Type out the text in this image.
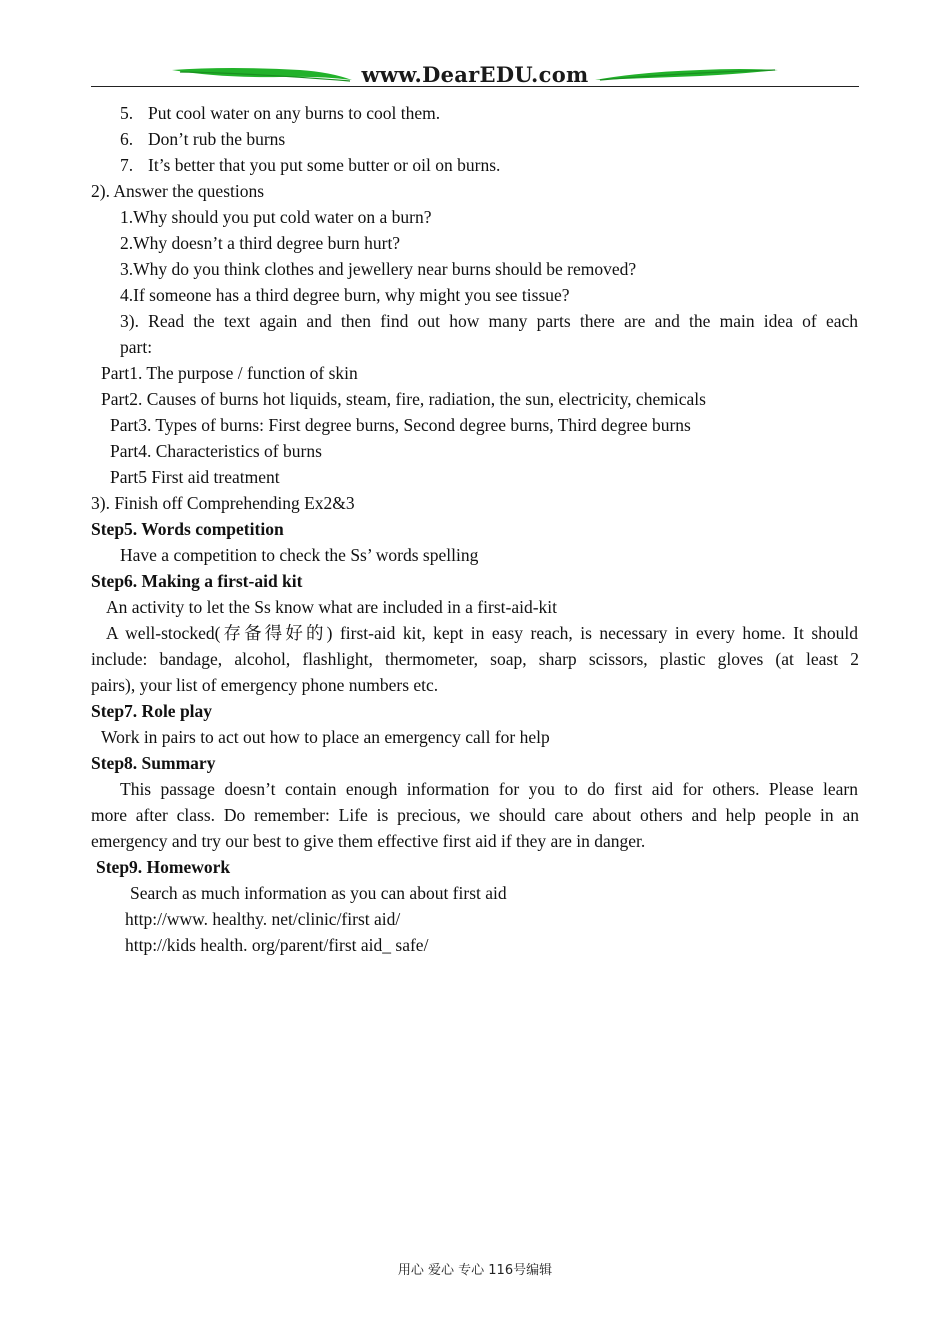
www.DearEDU.com
5. Put cool water on any burns to cool them.
6. Don’t rub the burns
7. It’s better that you put some butter or oil on burns.
2). Answer the questions
1.Why should you put cold water on a burn?
2.Why doesn’t a third degree burn hurt?
3.Why do you think clothes and jewellery near burns should be removed?
4.If someone has a third degree burn, why might you see tissue?
3). Read the text again and then find out how many parts there are and the main idea of each
part:
Part1. The purpose / function of skin
Part2. Causes of burns hot liquids, steam, fire, radiation, the sun, electricity, chemicals
Part3. Types of burns: First degree burns, Second degree burns, Third degree burns
Part4. Characteristics of burns
Part5 First aid treatment
3). Finish off Comprehending Ex2&3
Step5. Words competition
Have a competition to check the Ss’ words spelling
Step6. Making a first-aid kit
An activity to let the Ss know what are included in a first-aid-kit
A well-stocked(存备得好的) first-aid kit, kept in easy reach, is necessary in every home. It should
include: bandage, alcohol, flashlight, thermometer, soap, sharp scissors, plastic gloves (at least 2
pairs), your list of emergency phone numbers etc.
Step7. Role play
Work in pairs to act out how to place an emergency call for help
Step8. Summary
This passage doesn’t contain enough information for you to do first aid for others. Please learn
more after class. Do remember: Life is precious, we should care about others and help people in an
emergency and try our best to give them effective first aid if they are in danger.
Step9. Homework
Search as much information as you can about first aid
http://www. healthy. net/clinic/first aid/
http://kids health. org/parent/first aid_ safe/
用心 爱心 专心 116号编辑
